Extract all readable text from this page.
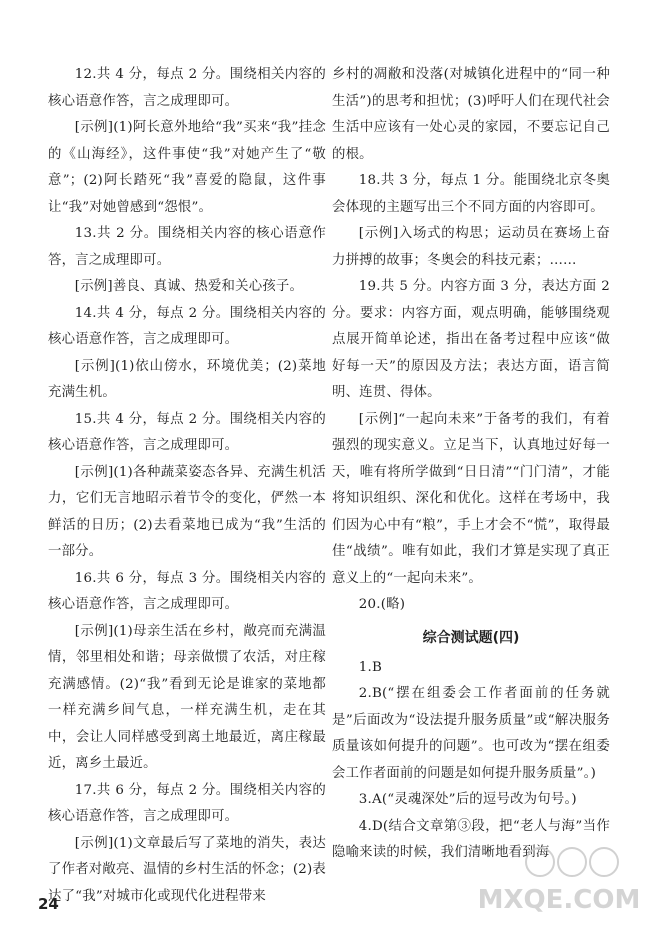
12.共 4 分，每点 2 分。围绕相关内容的核心语意作答，言之成理即可。

[示例](1)阿长意外地给“我”买来“我”挂念的《山海经》，这件事使“我”对她产生了“敬意”；(2)阿长踏死“我”喜爱的隐鼠，这件事让“我”对她曾感到“怨恨”。

13.共 2 分。围绕相关内容的核心语意作答，言之成理即可。

[示例]善良、真诚、热爱和关心孩子。

14.共 4 分，每点 2 分。围绕相关内容的核心语意作答，言之成理即可。

[示例](1)依山傍水，环境优美；(2)菜地充满生机。

15.共 4 分，每点 2 分。围绕相关内容的核心语意作答，言之成理即可。

[示例](1)各种蔬菜姿态各异、充满生机活力，它们无言地昭示着节令的变化，俨然一本鲜活的日历；(2)去看菜地已成为“我”生活的一部分。

16.共 6 分，每点 3 分。围绕相关内容的核心语意作答，言之成理即可。

[示例](1)母亲生活在乡村，敞亮而充满温情，邻里相处和谐；母亲做惯了农活，对庄稼充满感情。(2)“我”看到无论是谁家的菜地都一样充满乡间气息，一样充满生机，走在其中，会让人同样感受到离土地最近，离庄稼最近，离乡土最近。

17.共 6 分，每点 2 分。围绕相关内容的核心语意作答，言之成理即可。

[示例](1)文章最后写了菜地的消失，表达了作者对敞亮、温情的乡村生活的怀念；(2)表达了“我”对城市化或现代化进程带来

乡村的凋敝和没落(对城镇化进程中的“同一种生活”)的思考和担忧；(3)呼吁人们在现代社会生活中应该有一处心灵的家园，不要忘记自己的根。

18.共 3 分，每点 1 分。能围绕北京冬奥会体现的主题写出三个不同方面的内容即可。

[示例]入场式的构思；运动员在赛场上奋力拼搏的故事；冬奥会的科技元素；……

19.共 5 分。内容方面 3 分，表达方面 2 分。要求：内容方面，观点明确，能够围绕观点展开简单论述，指出在备考过程中应该“做好每一天”的原因及方法；表达方面，语言简明、连贯、得体。

[示例]“一起向未来”于备考的我们，有着强烈的现实意义。立足当下，认真地过好每一天，唯有将所学做到“日日清”“门门清”，才能将知识组织、深化和优化。这样在考场中，我们因为心中有“粮”，手上才会不“慌”，取得最佳“战绩”。唯有如此，我们才算是实现了真正意义上的“一起向未来”。

20.(略)

综合测试题(四)

1.B

2.B(“摆在组委会工作者面前的任务就是”后面改为“设法提升服务质量”或“解决服务质量该如何提升的问题”。也可改为“摆在组委会工作者面前的问题是如何提升服务质量”。)

3.A(“灵魂深处”后的逗号改为句号。)

4.D(结合文章第③段，把“老人与海”当作隐喻来读的时候，我们清晰地看到海

24	MXQE.COM
